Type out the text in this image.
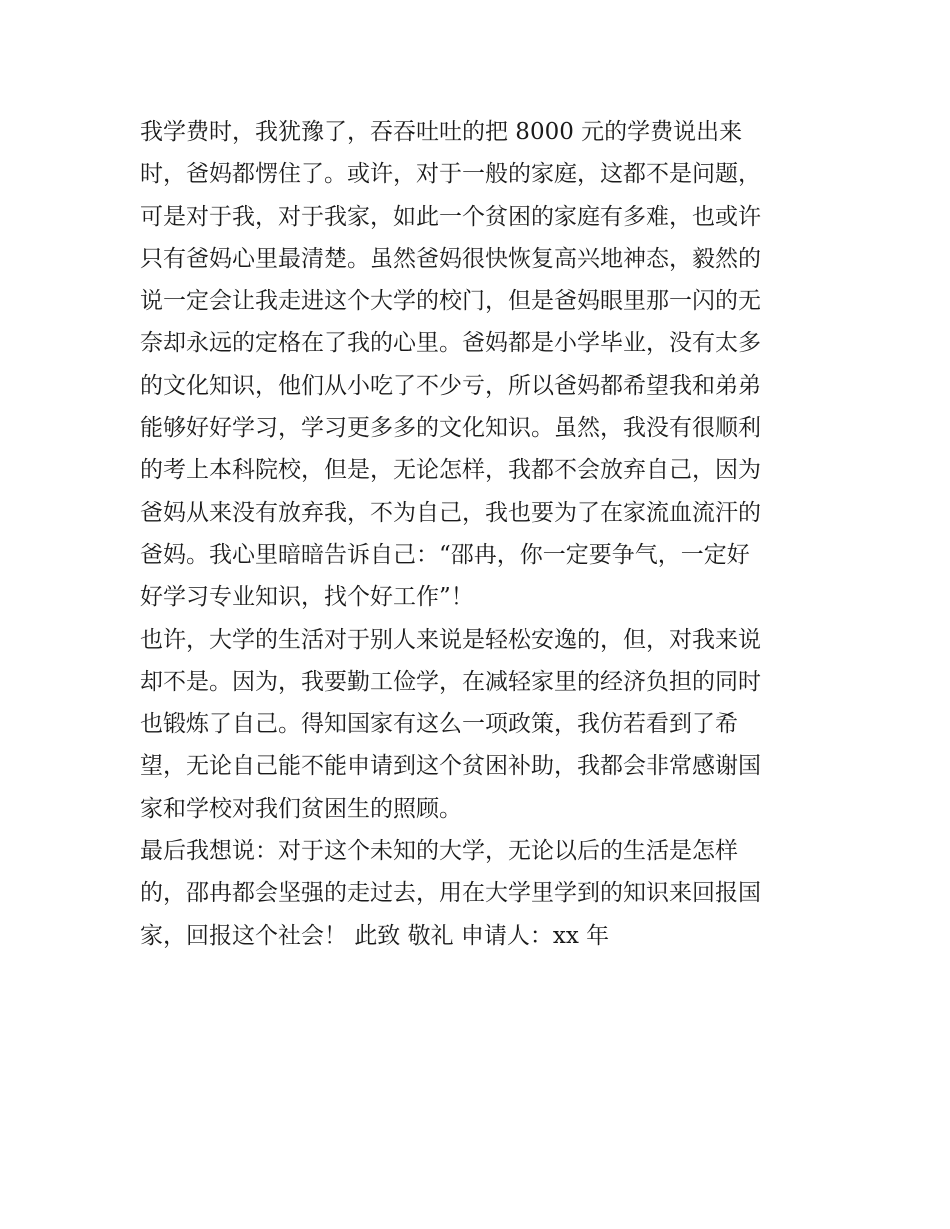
我学费时，我犹豫了，吞吞吐吐的把 8000 元的学费说出来
时，爸妈都愣住了。或许，对于一般的家庭，这都不是问题，
可是对于我，对于我家，如此一个贫困的家庭有多难，也或许
只有爸妈心里最清楚。虽然爸妈很快恢复高兴地神态，毅然的
说一定会让我走进这个大学的校门，但是爸妈眼里那一闪的无
奈却永远的定格在了我的心里。爸妈都是小学毕业，没有太多
的文化知识，他们从小吃了不少亏，所以爸妈都希望我和弟弟
能够好好学习，学习更多多的文化知识。虽然，我没有很顺利
的考上本科院校，但是，无论怎样，我都不会放弃自己，因为
爸妈从来没有放弃我，不为自己，我也要为了在家流血流汗的
爸妈。我心里暗暗告诉自己：“邵冉，你一定要争气，一定好
好学习专业知识，找个好工作”！
也许，大学的生活对于别人来说是轻松安逸的，但，对我来说
却不是。因为，我要勤工俭学，在减轻家里的经济负担的同时
也锻炼了自己。得知国家有这么一项政策，我仿若看到了希
望，无论自己能不能申请到这个贫困补助，我都会非常感谢国
家和学校对我们贫困生的照顾。
最后我想说：对于这个未知的大学，无论以后的生活是怎样
的，邵冉都会坚强的走过去，用在大学里学到的知识来回报国
家，回报这个社会！ 此致 敬礼 申请人：xx 年
